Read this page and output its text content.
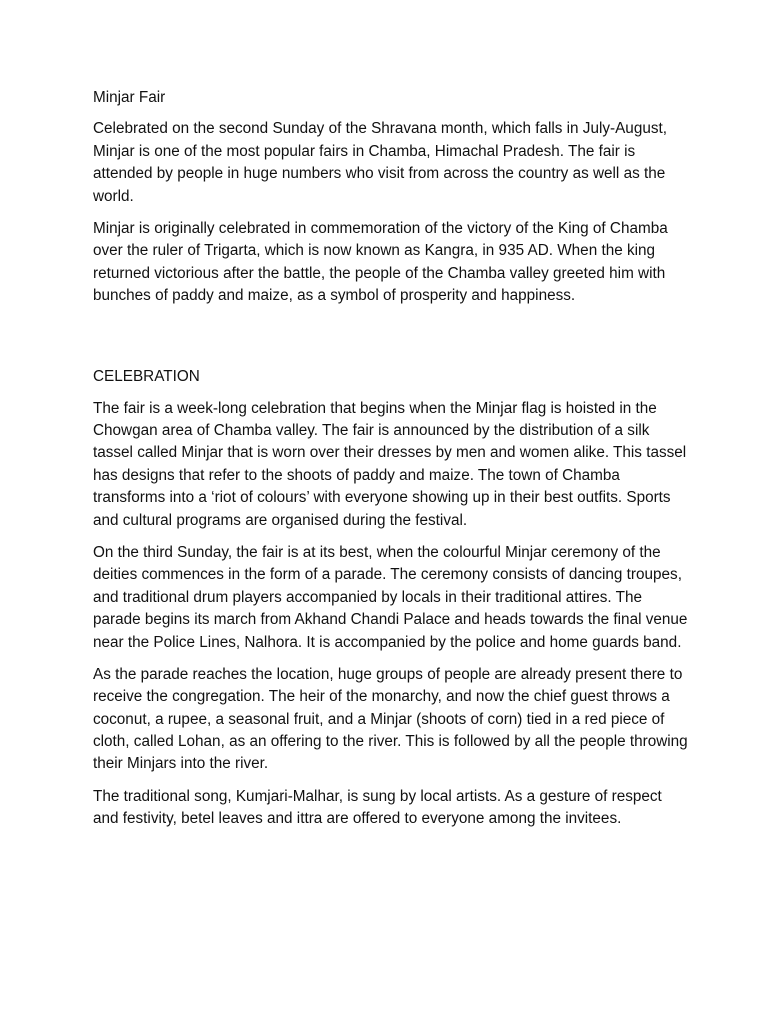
Minjar Fair

Celebrated on the second Sunday of the Shravana month, which falls in July-August, Minjar is one of the most popular fairs in Chamba, Himachal Pradesh. The fair is attended by people in huge numbers who visit from across the country as well as the world.

Minjar is originally celebrated in commemoration of the victory of the King of Chamba over the ruler of Trigarta, which is now known as Kangra, in 935 AD. When the king returned victorious after the battle, the people of the Chamba valley greeted him with bunches of paddy and maize, as a symbol of prosperity and happiness.

CELEBRATION

The fair is a week-long celebration that begins when the Minjar flag is hoisted in the Chowgan area of Chamba valley. The fair is announced by the distribution of a silk tassel called Minjar that is worn over their dresses by men and women alike. This tassel has designs that refer to the shoots of paddy and maize. The town of Chamba transforms into a ‘riot of colours’ with everyone showing up in their best outfits. Sports and cultural programs are organised during the festival.

On the third Sunday, the fair is at its best, when the colourful Minjar ceremony of the deities commences in the form of a parade. The ceremony consists of dancing troupes, and traditional drum players accompanied by locals in their traditional attires. The parade begins its march from Akhand Chandi Palace and heads towards the final venue near the Police Lines, Nalhora. It is accompanied by the police and home guards band.

As the parade reaches the location, huge groups of people are already present there to receive the congregation. The heir of the monarchy, and now the chief guest throws a coconut, a rupee, a seasonal fruit, and a Minjar (shoots of corn) tied in a red piece of cloth, called Lohan, as an offering to the river. This is followed by all the people throwing their Minjars into the river.

The traditional song, Kumjari-Malhar, is sung by local artists. As a gesture of respect and festivity, betel leaves and ittra are offered to everyone among the invitees.
